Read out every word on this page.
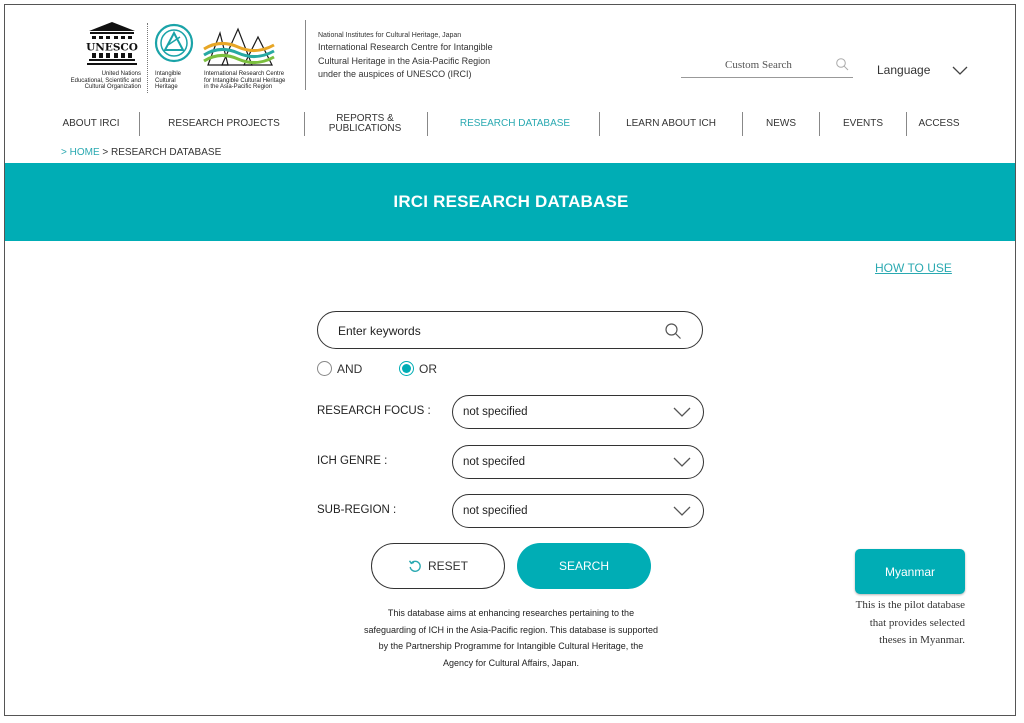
UNESCO
United Nations
Educational, Scientific and
Cultural Organization
Intangible
Cultural
Heritage
International Research Centre
for Intangible Cultural Heritage
in the Asia-Pacific Region
National Institutes for Cultural Heritage, Japan
International Research Centre for Intangible
Cultural Heritage in the Asia-Pacific Region
under the auspices of UNESCO (IRCI)
Custom Search	Language
ABOUT IRCI	RESEARCH PROJECTS	REPORTS & PUBLICATIONS	RESEARCH DATABASE	LEARN ABOUT ICH	NEWS	EVENTS	ACCESS
> HOME > RESEARCH DATABASE
IRCI RESEARCH DATABASE
HOW TO USE
Enter keywords
AND	OR
RESEARCH FOCUS :	not specified
ICH GENRE :	not specifed
SUB-REGION :	not specified
RESET	SEARCH
This database aims at enhancing researches pertaining to the safeguarding of ICH in the Asia-Pacific region. This database is supported by the Partnership Programme for Intangible Cultural Heritage, the Agency for Cultural Affairs, Japan.
Myanmar
This is the pilot database that provides selected theses in Myanmar.
